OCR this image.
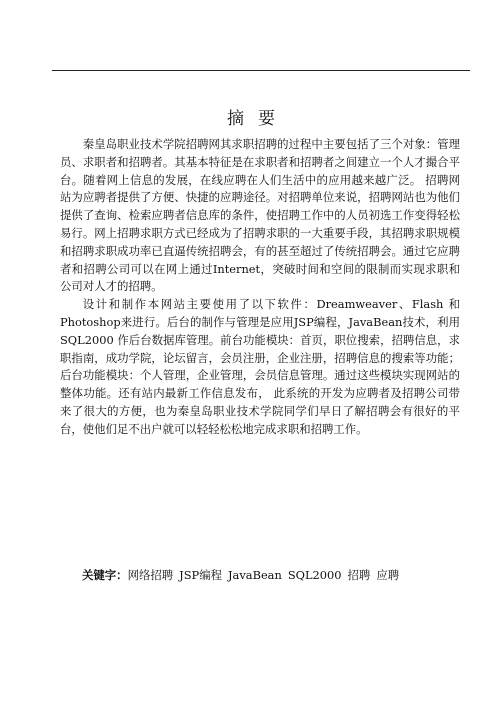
摘要

秦皇岛职业技术学院招聘网其求职招聘的过程中主要包括了三个对象：管理员、求职者和招聘者。其基本特征是在求职者和招聘者之间建立一个人才撮合平台。随着网上信息的发展，在线应聘在人们生活中的应用越来越广泛。 招聘网站为应聘者提供了方便、快捷的应聘途径。对招聘单位来说，招聘网站也为他们提供了查询、检索应聘者信息库的条件，使招聘工作中的人员初选工作变得轻松易行。网上招聘求职方式已经成为了招聘求职的一大重要手段，其招聘求职规模和招聘求职成功率已直逼传统招聘会，有的甚至超过了传统招聘会。通过它应聘者和招聘公司可以在网上通过Internet，突破时间和空间的限制而实现求职和公司对人才的招聘。

设计和制作本网站主要使用了以下软件：Dreamweaver、Flash 和Photoshop来进行。后台的制作与管理是应用JSP编程，JavaBean技术，利用 SQL2000 作后台数据库管理。前台功能模块：首页，职位搜索，招聘信息，求职指南，成功学院，论坛留言，会员注册，企业注册，招聘信息的搜索等功能；后台功能模块：个人管理，企业管理，会员信息管理。通过这些模块实现网站的整体功能。还有站内最新工作信息发布， 此系统的开发为应聘者及招聘公司带来了很大的方便，也为秦皇岛职业技术学院同学们早日了解招聘会有很好的平台，使他们足不出户就可以轻轻松松地完成求职和招聘工作。

关键字：网络招聘 JSP编程 JavaBean SQL2000 招聘 应聘
